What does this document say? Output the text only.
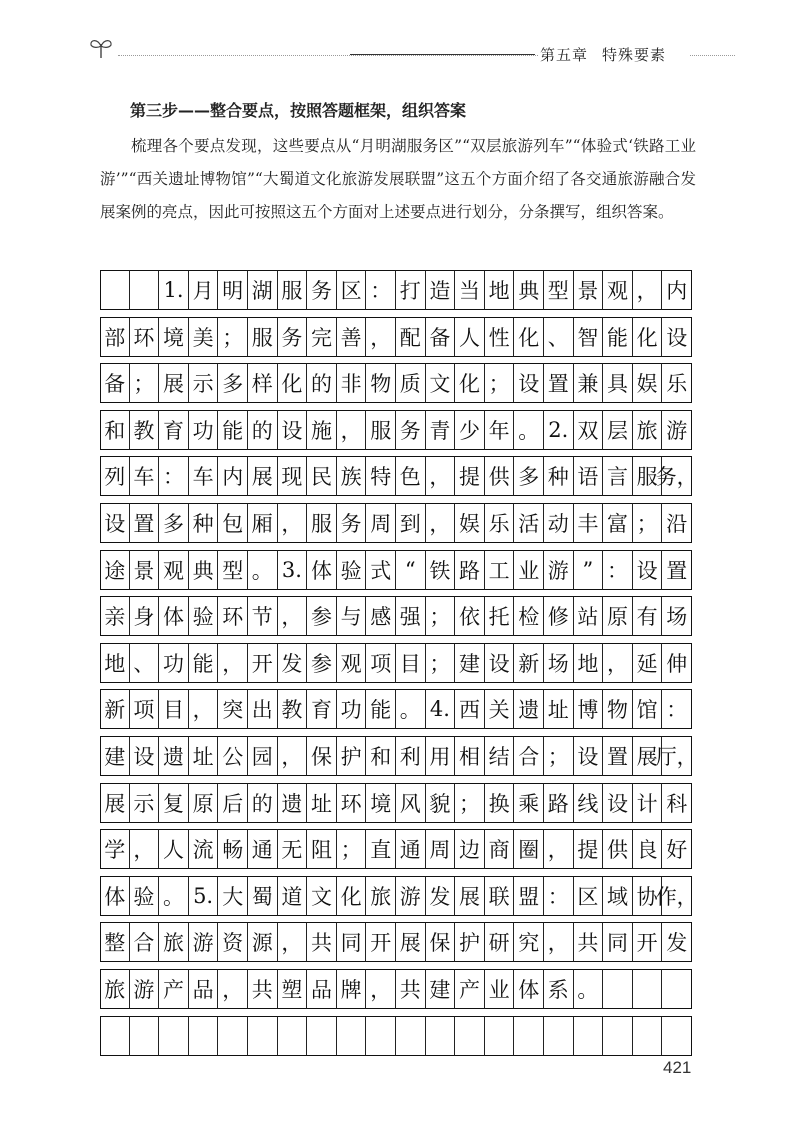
第五章 特殊要素
第三步——整合要点，按照答题框架，组织答案
梳理各个要点发现，这些要点从“月明湖服务区”“双层旅游列车”“体验式‘铁路工业游’”“西关遗址博物馆”“大蜀道文化旅游发展联盟”这五个方面介绍了各交通旅游融合发展案例的亮点，因此可按照这五个方面对上述要点进行划分，分条撰写，组织答案。
1. 月 明 湖 服 务 区 ： 打 造 当 地 典 型 景 观 ， 内
部 环 境 美 ； 服 务 完 善 ， 配 备 人 性 化 、 智 能 化 设
备 ； 展 示 多 样 化 的 非 物 质 文 化 ； 设 置 兼 具 娱 乐
和 教 育 功 能 的 设 施 ， 服 务 青 少 年 。 2. 双 层 旅 游
列 车 ： 车 内 展 现 民 族 特 色 ， 提 供 多 种 语 言 服
务，
设 置 多 种 包 厢 ， 服 务 周 到 ， 娱 乐 活 动 丰 富 ； 沿
途 景 观 典 型 。 3. 体 验 式 “ 铁 路 工 业 游 ” ： 设 置
亲 身 体 验 环 节 ， 参 与 感 强 ； 依 托 检 修 站 原 有 场
地 、 功 能 ， 开 发 参 观 项 目 ； 建 设 新 场 地 ， 延 伸
新 项 目 ， 突 出 教 育 功 能 。 4. 西 关 遗 址 博 物 馆 ：
建 设 遗 址 公 园 ， 保 护 和 利 用 相 结 合 ； 设 置 展
厅，
展 示 复 原 后 的 遗 址 环 境 风 貌 ； 换 乘 路 线 设 计 科
学 ， 人 流 畅 通 无 阻 ； 直 通 周 边 商 圈 ， 提 供 良 好
体 验 。 5. 大 蜀 道 文 化 旅 游 发 展 联 盟 ： 区 域 协
作，
整 合 旅 游 资 源 ， 共 同 开 展 保 护 研 究 ， 共 同 开 发
旅 游 产 品 ， 共 塑 品 牌 ， 共 建 产 业 体 系 。
421
